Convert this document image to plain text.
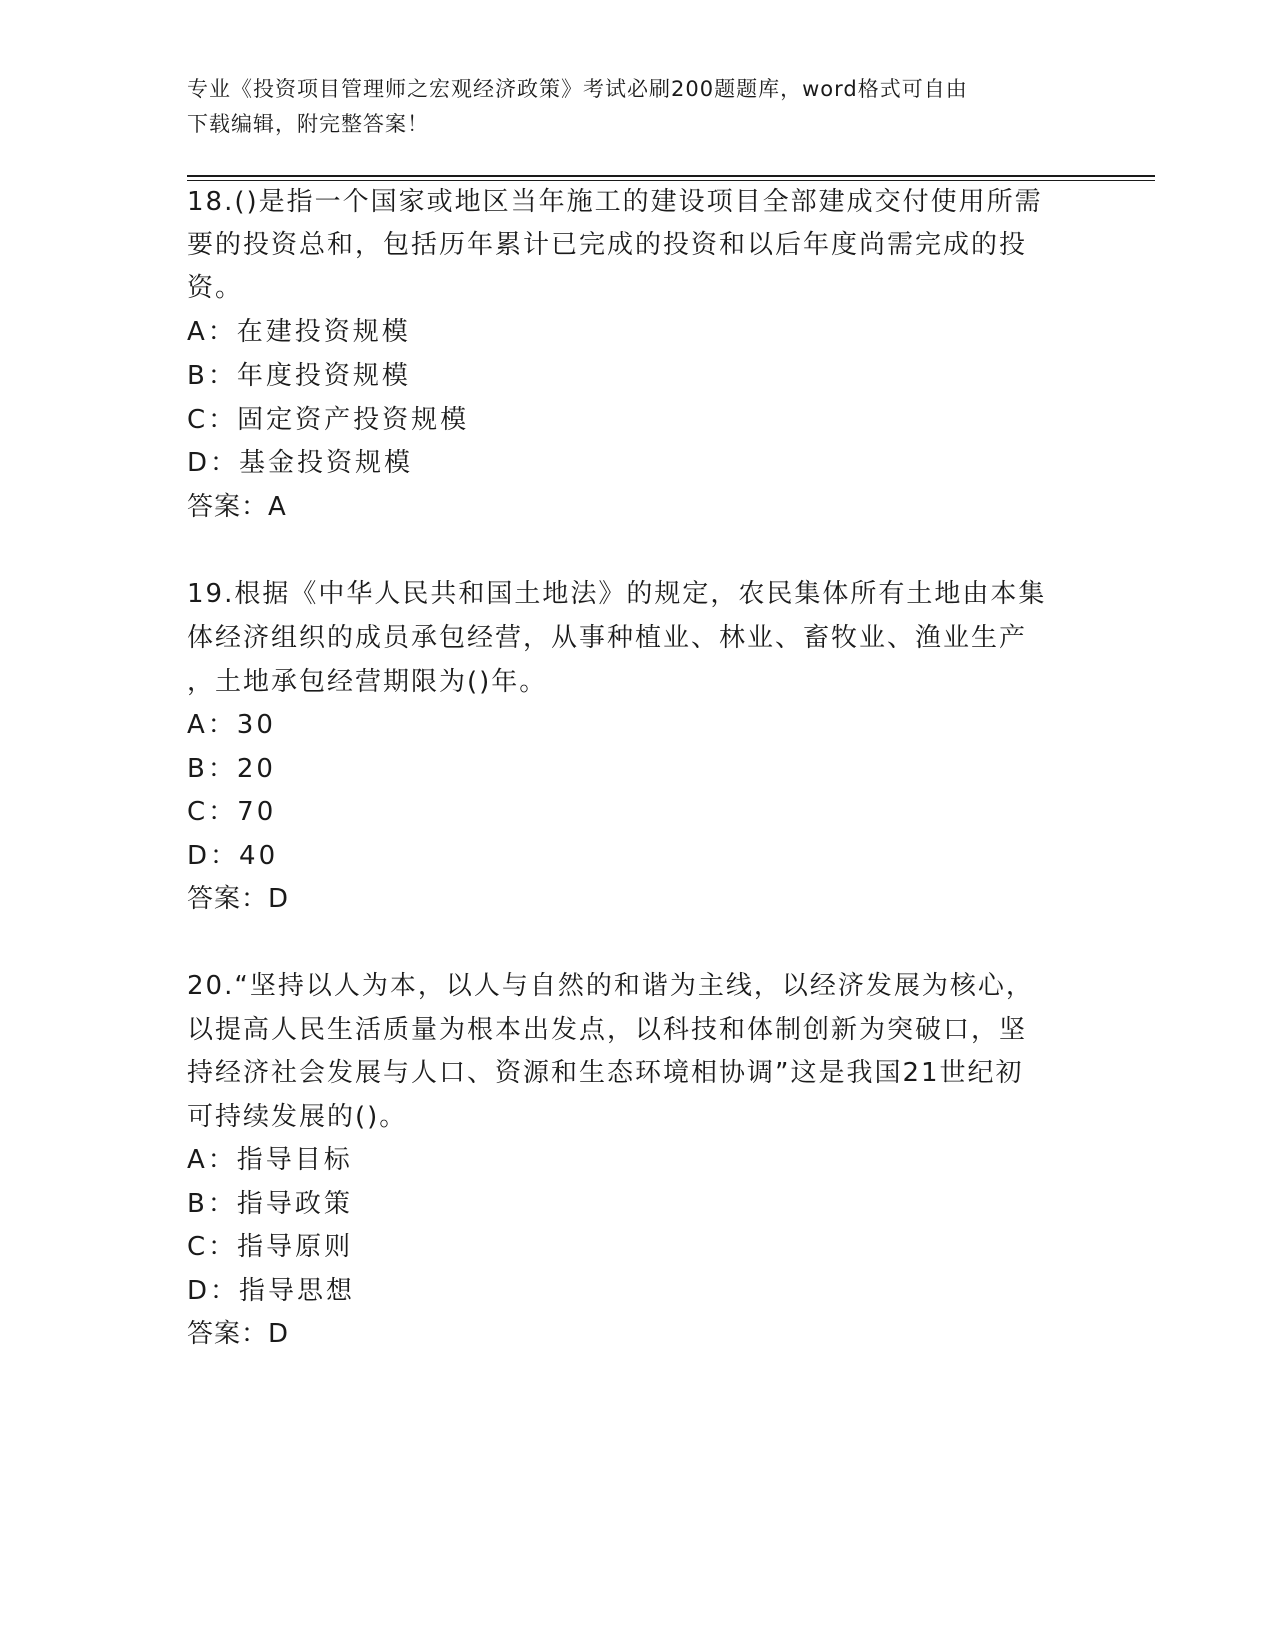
专业《投资项目管理师之宏观经济政策》考试必刷200题题库，word格式可自由
下载编辑，附完整答案！
18.()是指一个国家或地区当年施工的建设项目全部建成交付使用所需
要的投资总和，包括历年累计已完成的投资和以后年度尚需完成的投
资。
A：在建投资规模
B：年度投资规模
C：固定资产投资规模
D：基金投资规模
答案：A
19.根据《中华人民共和国土地法》的规定，农民集体所有土地由本集
体经济组织的成员承包经营，从事种植业、林业、畜牧业、渔业生产
，土地承包经营期限为()年。
A：30
B：20
C：70
D：40
答案：D
20.“坚持以人为本，以人与自然的和谐为主线，以经济发展为核心，
以提高人民生活质量为根本出发点，以科技和体制创新为突破口，坚
持经济社会发展与人口、资源和生态环境相协调”这是我国21世纪初
可持续发展的()。
A：指导目标
B：指导政策
C：指导原则
D：指导思想
答案：D
